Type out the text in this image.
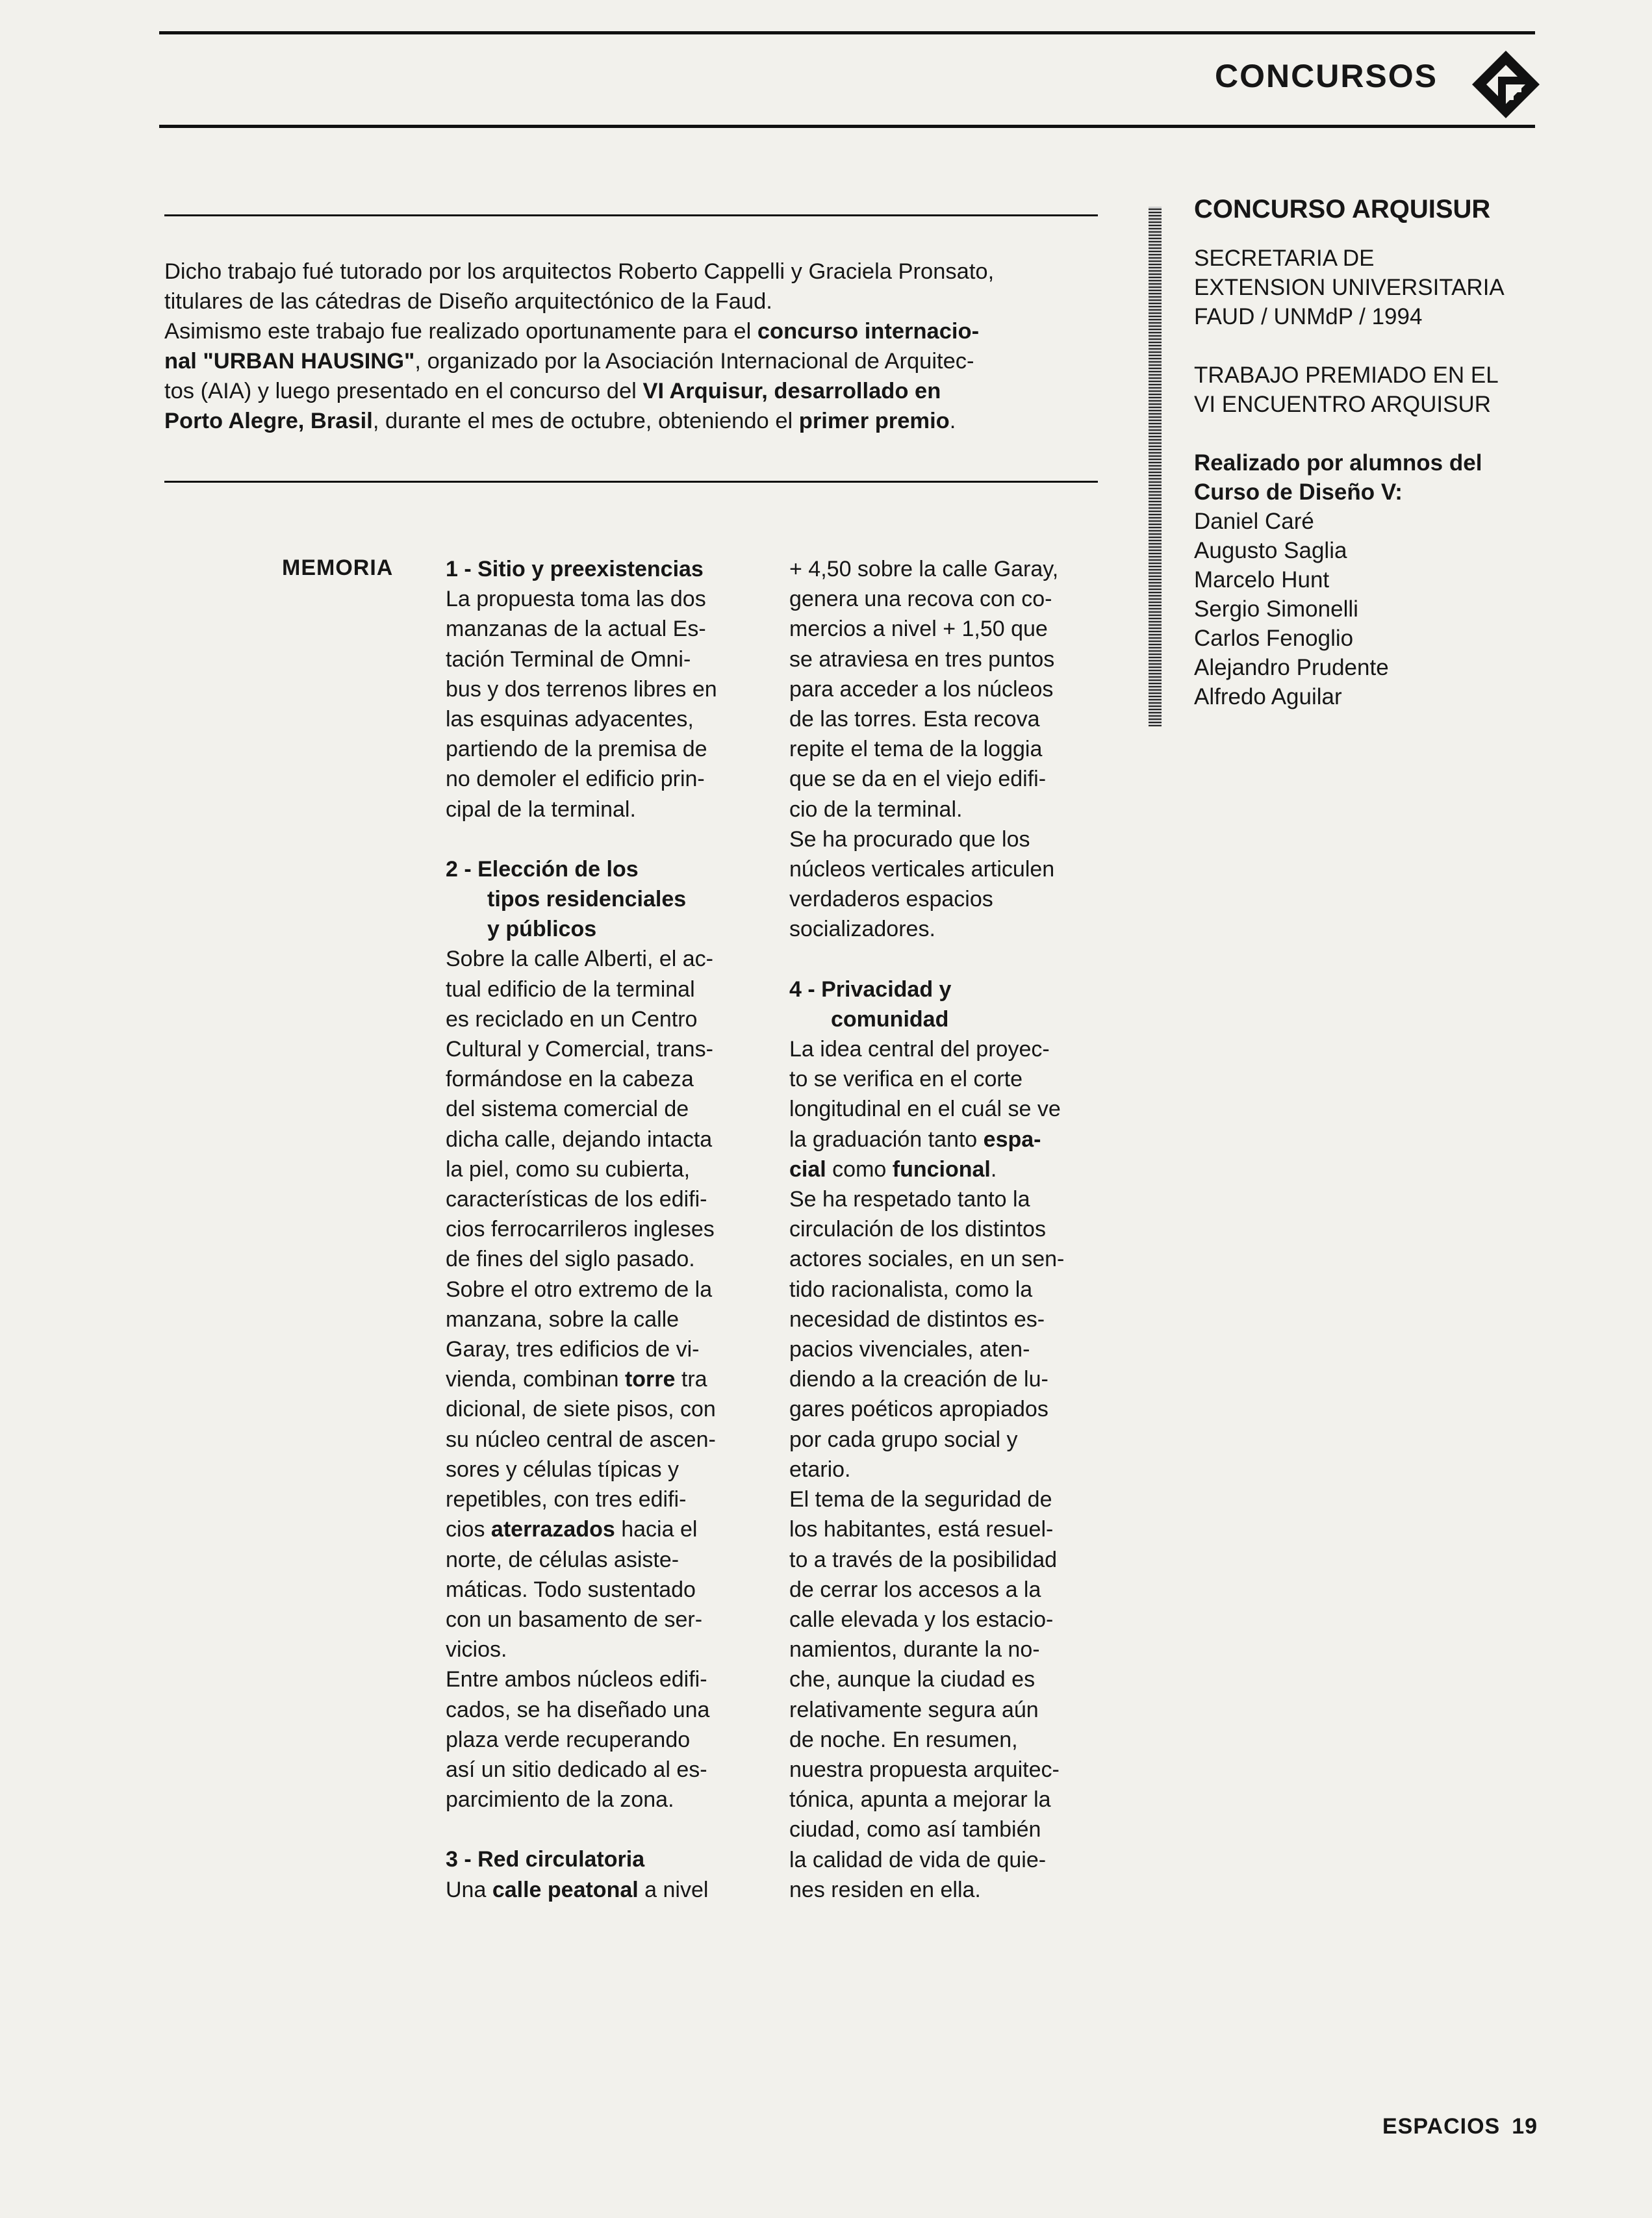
CONCURSOS

Dicho trabajo fué tutorado por los arquitectos Roberto Cappelli y Graciela Pronsato,

titulares de las cátedras de Diseño arquitectónico de la Faud.

Asimismo este trabajo fue realizado oportunamente para el concurso internacio-

nal "URBAN HAUSING", organizado por la Asociación Internacional de Arquitec-

tos (AIA) y luego presentado en el concurso del VI Arquisur, desarrollado en

Porto Alegre, Brasil, durante el mes de octubre, obteniendo el primer premio.

MEMORIA 1 - Sitio y preexistencias

La propuesta toma las dos

manzanas de la actual Es-

tación Terminal de Omni-

bus y dos terrenos libres en

las esquinas adyacentes,

partiendo de la premisa de

no demoler el edificio prin-

cipal de la terminal.

2 - Elección de los

tipos residenciales

y públicos

Sobre la calle Alberti, el ac-

tual edificio de la terminal

es reciclado en un Centro

Cultural y Comercial, trans-

formándose en la cabeza

del sistema comercial de

dicha calle, dejando intacta

la piel, como su cubierta,

características de los edifi-

cios ferrocarrileros ingleses

de fines del siglo pasado.

Sobre el otro extremo de la

manzana, sobre la calle

Garay, tres edificios de vi-

vienda, combinan torre tra

dicional, de siete pisos, con

su núcleo central de ascen-

sores y células típicas y

repetibles, con tres edifi-

cios aterrazados hacia el

norte, de células asiste-

máticas. Todo sustentado

con un basamento de ser-

vicios.

Entre ambos núcleos edifi-

cados, se ha diseñado una

plaza verde recuperando

así un sitio dedicado al es-

parcimiento de la zona.

3 - Red circulatoria

Una calle peatonal a nivel

+ 4,50 sobre la calle Garay,

genera una recova con co-

mercios a nivel + 1,50 que

se atraviesa en tres puntos

para acceder a los núcleos

de las torres. Esta recova

repite el tema de la loggia

que se da en el viejo edifi-

cio de la terminal.

Se ha procurado que los

núcleos verticales articulen

verdaderos espacios

socializadores.

4 - Privacidad y

comunidad

La idea central del proyec-

to se verifica en el corte

longitudinal en el cuál se ve

la graduación tanto espa-

cial como funcional.

Se ha respetado tanto la

circulación de los distintos

actores sociales, en un sen-

tido racionalista, como la

necesidad de distintos es-

pacios vivenciales, aten-

diendo a la creación de lu-

gares poéticos apropiados

por cada grupo social y

etario.

El tema de la seguridad de

los habitantes, está resuel-

to a través de la posibilidad

de cerrar los accesos a la

calle elevada y los estacio-

namientos, durante la no-

che, aunque la ciudad es

relativamente segura aún

de noche. En resumen,

nuestra propuesta arquitec-

tónica, apunta a mejorar la

ciudad, como así también

la calidad de vida de quie-

nes residen en ella.

CONCURSO ARQUISUR

SECRETARIA DE

EXTENSION UNIVERSITARIA

FAUD / UNMdP / 1994

TRABAJO PREMIADO EN EL

VI ENCUENTRO ARQUISUR

Realizado por alumnos del

Curso de Diseño V:

Daniel Caré

Augusto Saglia

Marcelo Hunt

Sergio Simonelli

Carlos Fenoglio

Alejandro Prudente

Alfredo Aguilar

ESPACIOS 19
